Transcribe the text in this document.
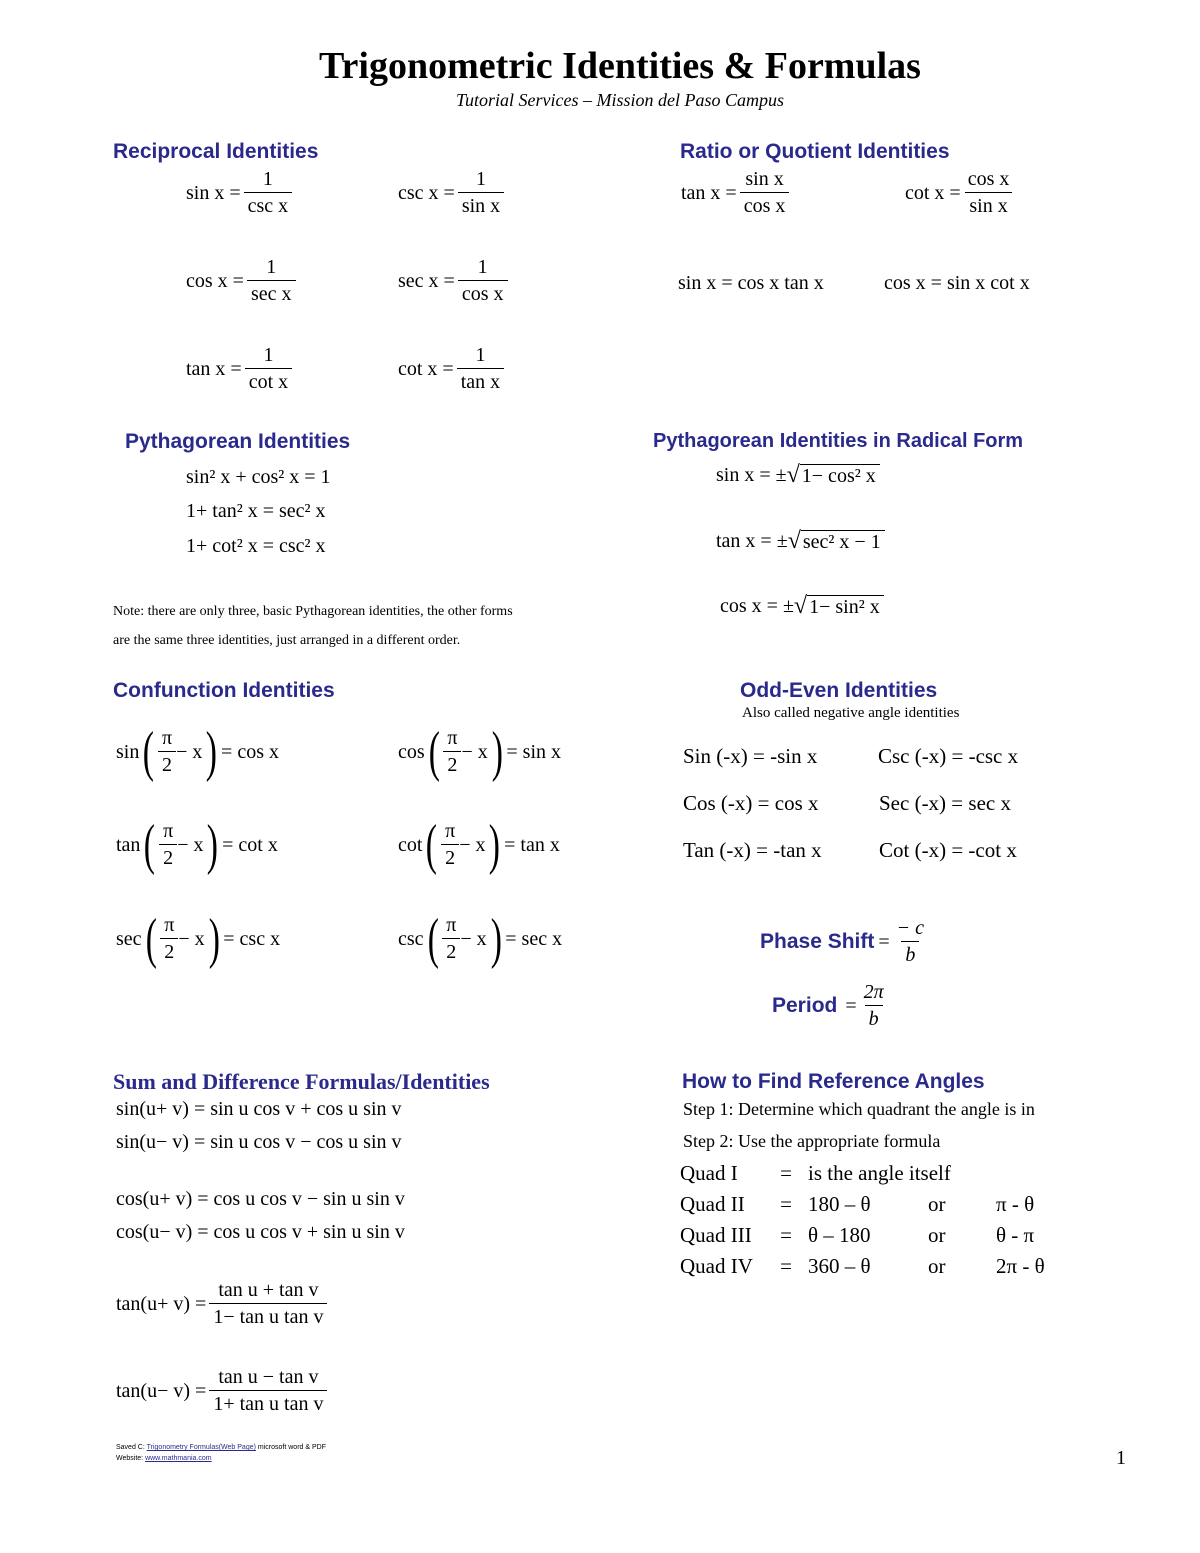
Trigonometric Identities & Formulas
Tutorial Services – Mission del Paso Campus
Reciprocal Identities
$\sin x = \frac{1}{\text{csc x}}$	$\csc x = \frac{1}{\text{sin x}}$
$\cos x = \frac{1}{\text{sec x}}$	$\sec x = \frac{1}{\text{cos x}}$
$\tan x = \frac{1}{\text{cot x}}$	$\cot x = \frac{1}{\text{tan x}}$
Ratio or Quotient Identities
$\tan x = \frac{\text{sin x}}{\text{cos x}}$	$\cot x = \frac{\text{cos x}}{\text{sin x}}$
sin x = cos x tan x	cos x = sin x cot x
Pythagorean Identities
sin² x + cos² x = 1
1+ tan² x = sec² x
1+ cot² x = csc² x
Note: there are only three, basic Pythagorean identities, the other forms
are the same three identities, just arranged in a different order.
Pythagorean Identities in Radical Form
sin x = ± √ 1− cos² x
tan x = ± √ sec² x − 1
cos x = ± √ 1− sin² x
Confunction Identities
sin ( $\frac{\pi}{2} - x$ ) = cos x	cos ( $\frac{\pi}{2} - x$ ) = sin x
tan ( $\frac{\pi}{2} - x$ ) = cot x	cot ( $\frac{\pi}{2} - x$ ) = tan x
sec ( $\frac{\pi}{2} - x$ ) = csc x	csc ( $\frac{\pi}{2} - x$ ) = sec x
Odd-Even Identities
Also called negative angle identities
Sin (-x) = -sin x	Csc (-x) = -csc x
Cos (-x) = cos x	Sec (-x) = sec x
Tan (-x) = -tan x	Cot (-x) = -cot x
Phase Shift = $\frac{- c}{b}$
Period = $\frac{2\pi}{b}$
Sum and Difference Formulas/Identities
sin(u+ v) = sin u cos v + cos u sin v
sin(u− v) = sin u cos v − cos u sin v
cos(u+ v) = cos u cos v − sin u sin v
cos(u− v) = cos u cos v + sin u sin v
$\tan(u+ v) = \frac{\text{tan u + tan v}}{\text{1− tan u tan v}}$
$\tan(u- v) = \frac{\text{tan u − tan v}}{\text{1+ tan u tan v}}$
How to Find Reference Angles
Step 1: Determine which quadrant the angle is in
Step 2: Use the appropriate formula
Quad I	=	is the angle itself		
Quad II	=	180 – θ	or	π - θ
Quad III	=	θ – 180	or	θ - π
Quad IV	=	360 – θ	or	2π - θ
Saved C: Trigonometry Formulas(Web Page) microsoft word & PDF
Website: www.mathmania.com	1
